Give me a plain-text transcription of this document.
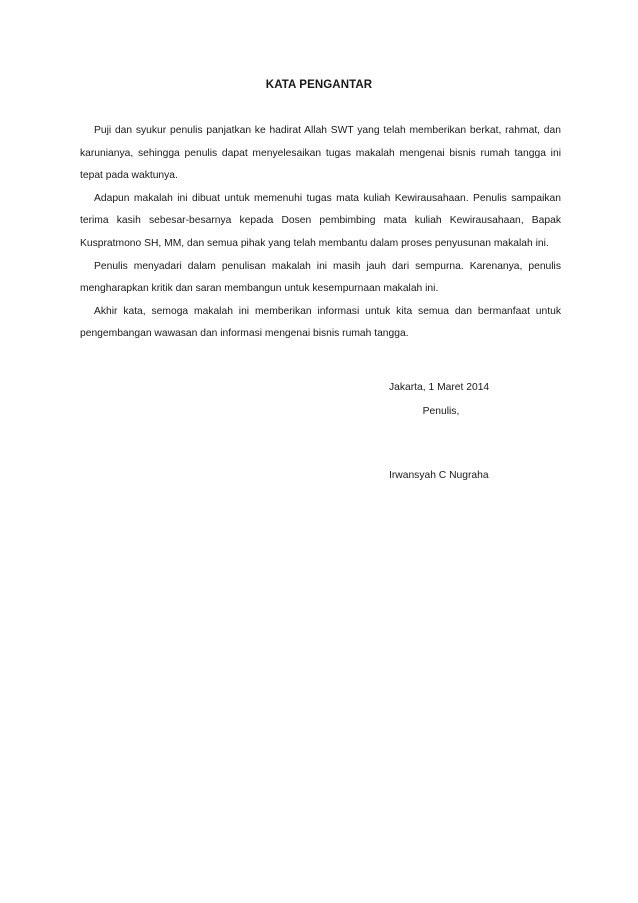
KATA PENGANTAR

Puji dan syukur penulis panjatkan ke hadirat Allah SWT yang telah memberikan berkat, rahmat, dan karunianya, sehingga penulis dapat menyelesaikan tugas makalah mengenai bisnis rumah tangga ini tepat pada waktunya.

Adapun makalah ini dibuat untuk memenuhi tugas mata kuliah Kewirausahaan. Penulis sampaikan terima kasih sebesar-besarnya kepada Dosen pembimbing mata kuliah Kewirausahaan, Bapak Kuspratmono SH, MM, dan semua pihak yang telah membantu dalam proses penyusunan makalah ini.

Penulis menyadari dalam penulisan makalah ini masih jauh dari sempurna. Karenanya, penulis mengharapkan kritik dan saran membangun untuk kesempurnaan makalah ini.

Akhir kata, semoga makalah ini memberikan informasi untuk kita semua dan bermanfaat untuk pengembangan wawasan dan informasi mengenai bisnis rumah tangga.

Jakarta, 1 Maret 2014
Penulis,
Irwansyah C Nugraha
